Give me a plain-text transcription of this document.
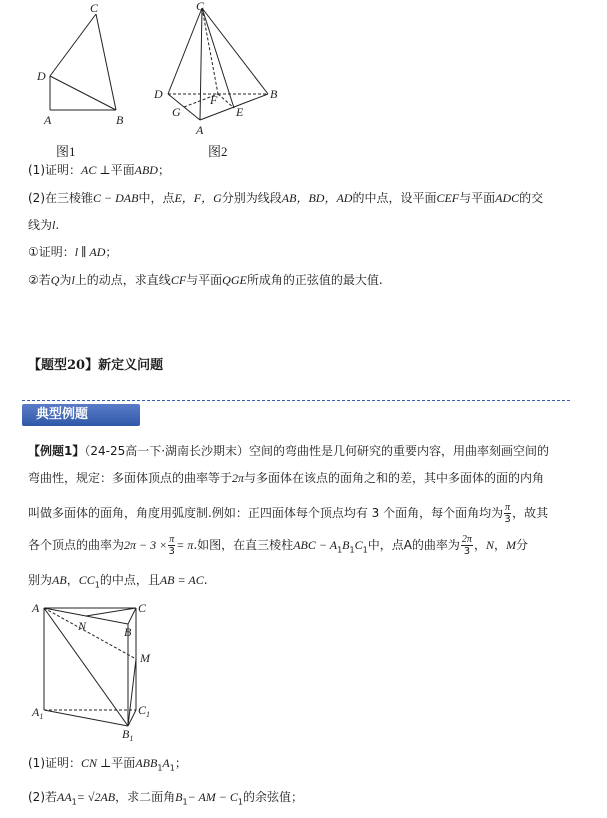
C
D
A	B
图1
C
D	B
F
G	E
A
图2
(1)证明：AC ⊥平面ABD；
(2)在三棱锥C − DAB中，点E，F，G分别为线段AB，BD，AD的中点，设平面CEF与平面ADC的交
线为l.
①证明：l ∥ AD；
②若Q为l上的动点，求直线CF与平面QGE所成角的正弦值的最大值.
【题型20】新定义问题
典型例题
【例题1】（24-25高一下·湖南长沙期末）空间的弯曲性是几何研究的重要内容，用曲率刻画空间的
弯曲性，规定：多面体顶点的曲率等于2π与多面体在该点的面角之和的差，其中多面体的面的内角
叫做多面体的面角，角度用弧度制.例如：正四面体每个顶点均有 3 个面角，每个面角均为 $\frac{\pi}{3}$ ，故其
各个顶点的曲率为$2\pi - 3 \times \frac{\pi}{3} = \pi$.如图，在直三棱柱ABC − $A_1B_1C_1$中，点A的曲率为 $\frac{2\pi}{3}$ ，N，M分
别为AB，$CC_1$的中点，且AB = AC.
A
N
C
B
M
$A_1$	$C_1$
$B_1$
(1)证明：CN ⊥平面$ABB_1A_1$；
(2)若$AA_1= √2AB$，求二面角$B_1-$ AM − $C_1$的余弦值；
